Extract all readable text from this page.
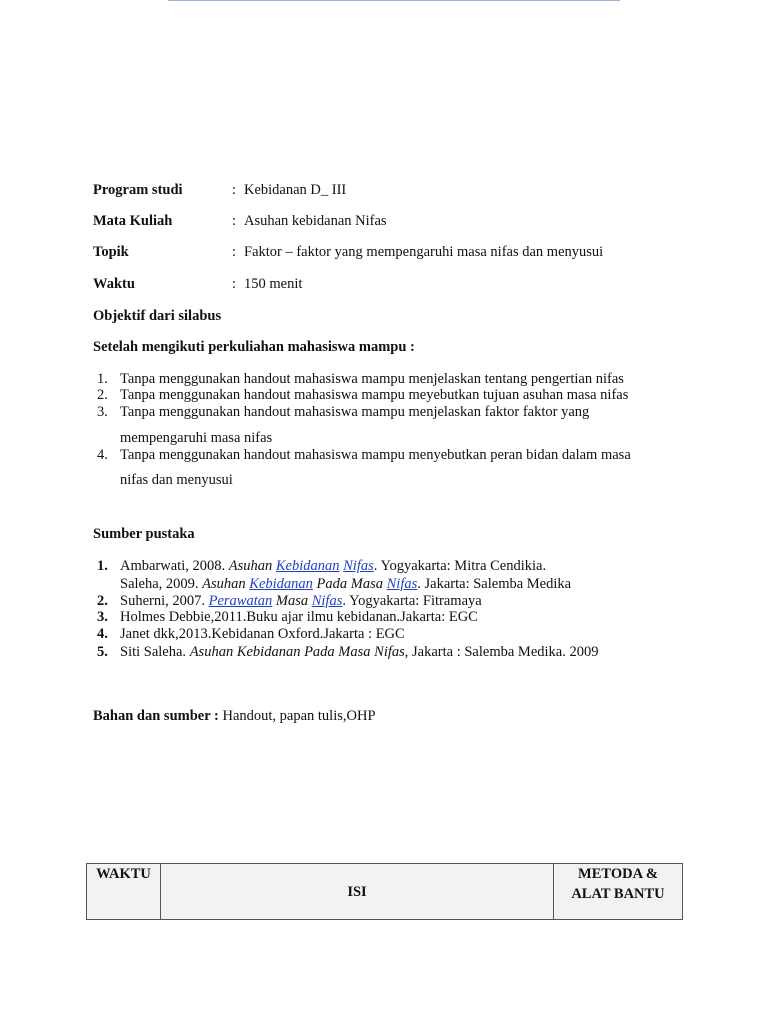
Program studi	: Kebidanan D_ III
Mata Kuliah	: Asuhan kebidanan Nifas
Topik	: Faktor – faktor yang mempengaruhi masa nifas dan menyusui
Waktu	: 150 menit
Objektif dari silabus
Setelah mengikuti perkuliahan mahasiswa mampu :
1. Tanpa menggunakan handout mahasiswa mampu menjelaskan tentang pengertian nifas
2. Tanpa menggunakan handout mahasiswa mampu meyebutkan tujuan asuhan masa nifas
3. Tanpa menggunakan handout mahasiswa mampu menjelaskan faktor faktor yang
mempengaruhi masa nifas
4. Tanpa menggunakan handout mahasiswa mampu menyebutkan peran bidan dalam masa
nifas dan menyusui
Sumber pustaka
1. Ambarwati, 2008. Asuhan Kebidanan Nifas. Yogyakarta: Mitra Cendikia.
Saleha, 2009. Asuhan Kebidanan Pada Masa Nifas. Jakarta: Salemba Medika
2. Suherni, 2007. Perawatan Masa Nifas. Yogyakarta: Fitramaya
3. Holmes Debbie,2011.Buku ajar ilmu kebidanan.Jakarta: EGC
4. Janet dkk,2013.Kebidanan Oxford.Jakarta : EGC
5. Siti Saleha. Asuhan Kebidanan Pada Masa Nifas, Jakarta : Salemba Medika. 2009
Bahan dan sumber : Handout, papan tulis,OHP
WAKTU	ISI	METODA &
ALAT BANTU
